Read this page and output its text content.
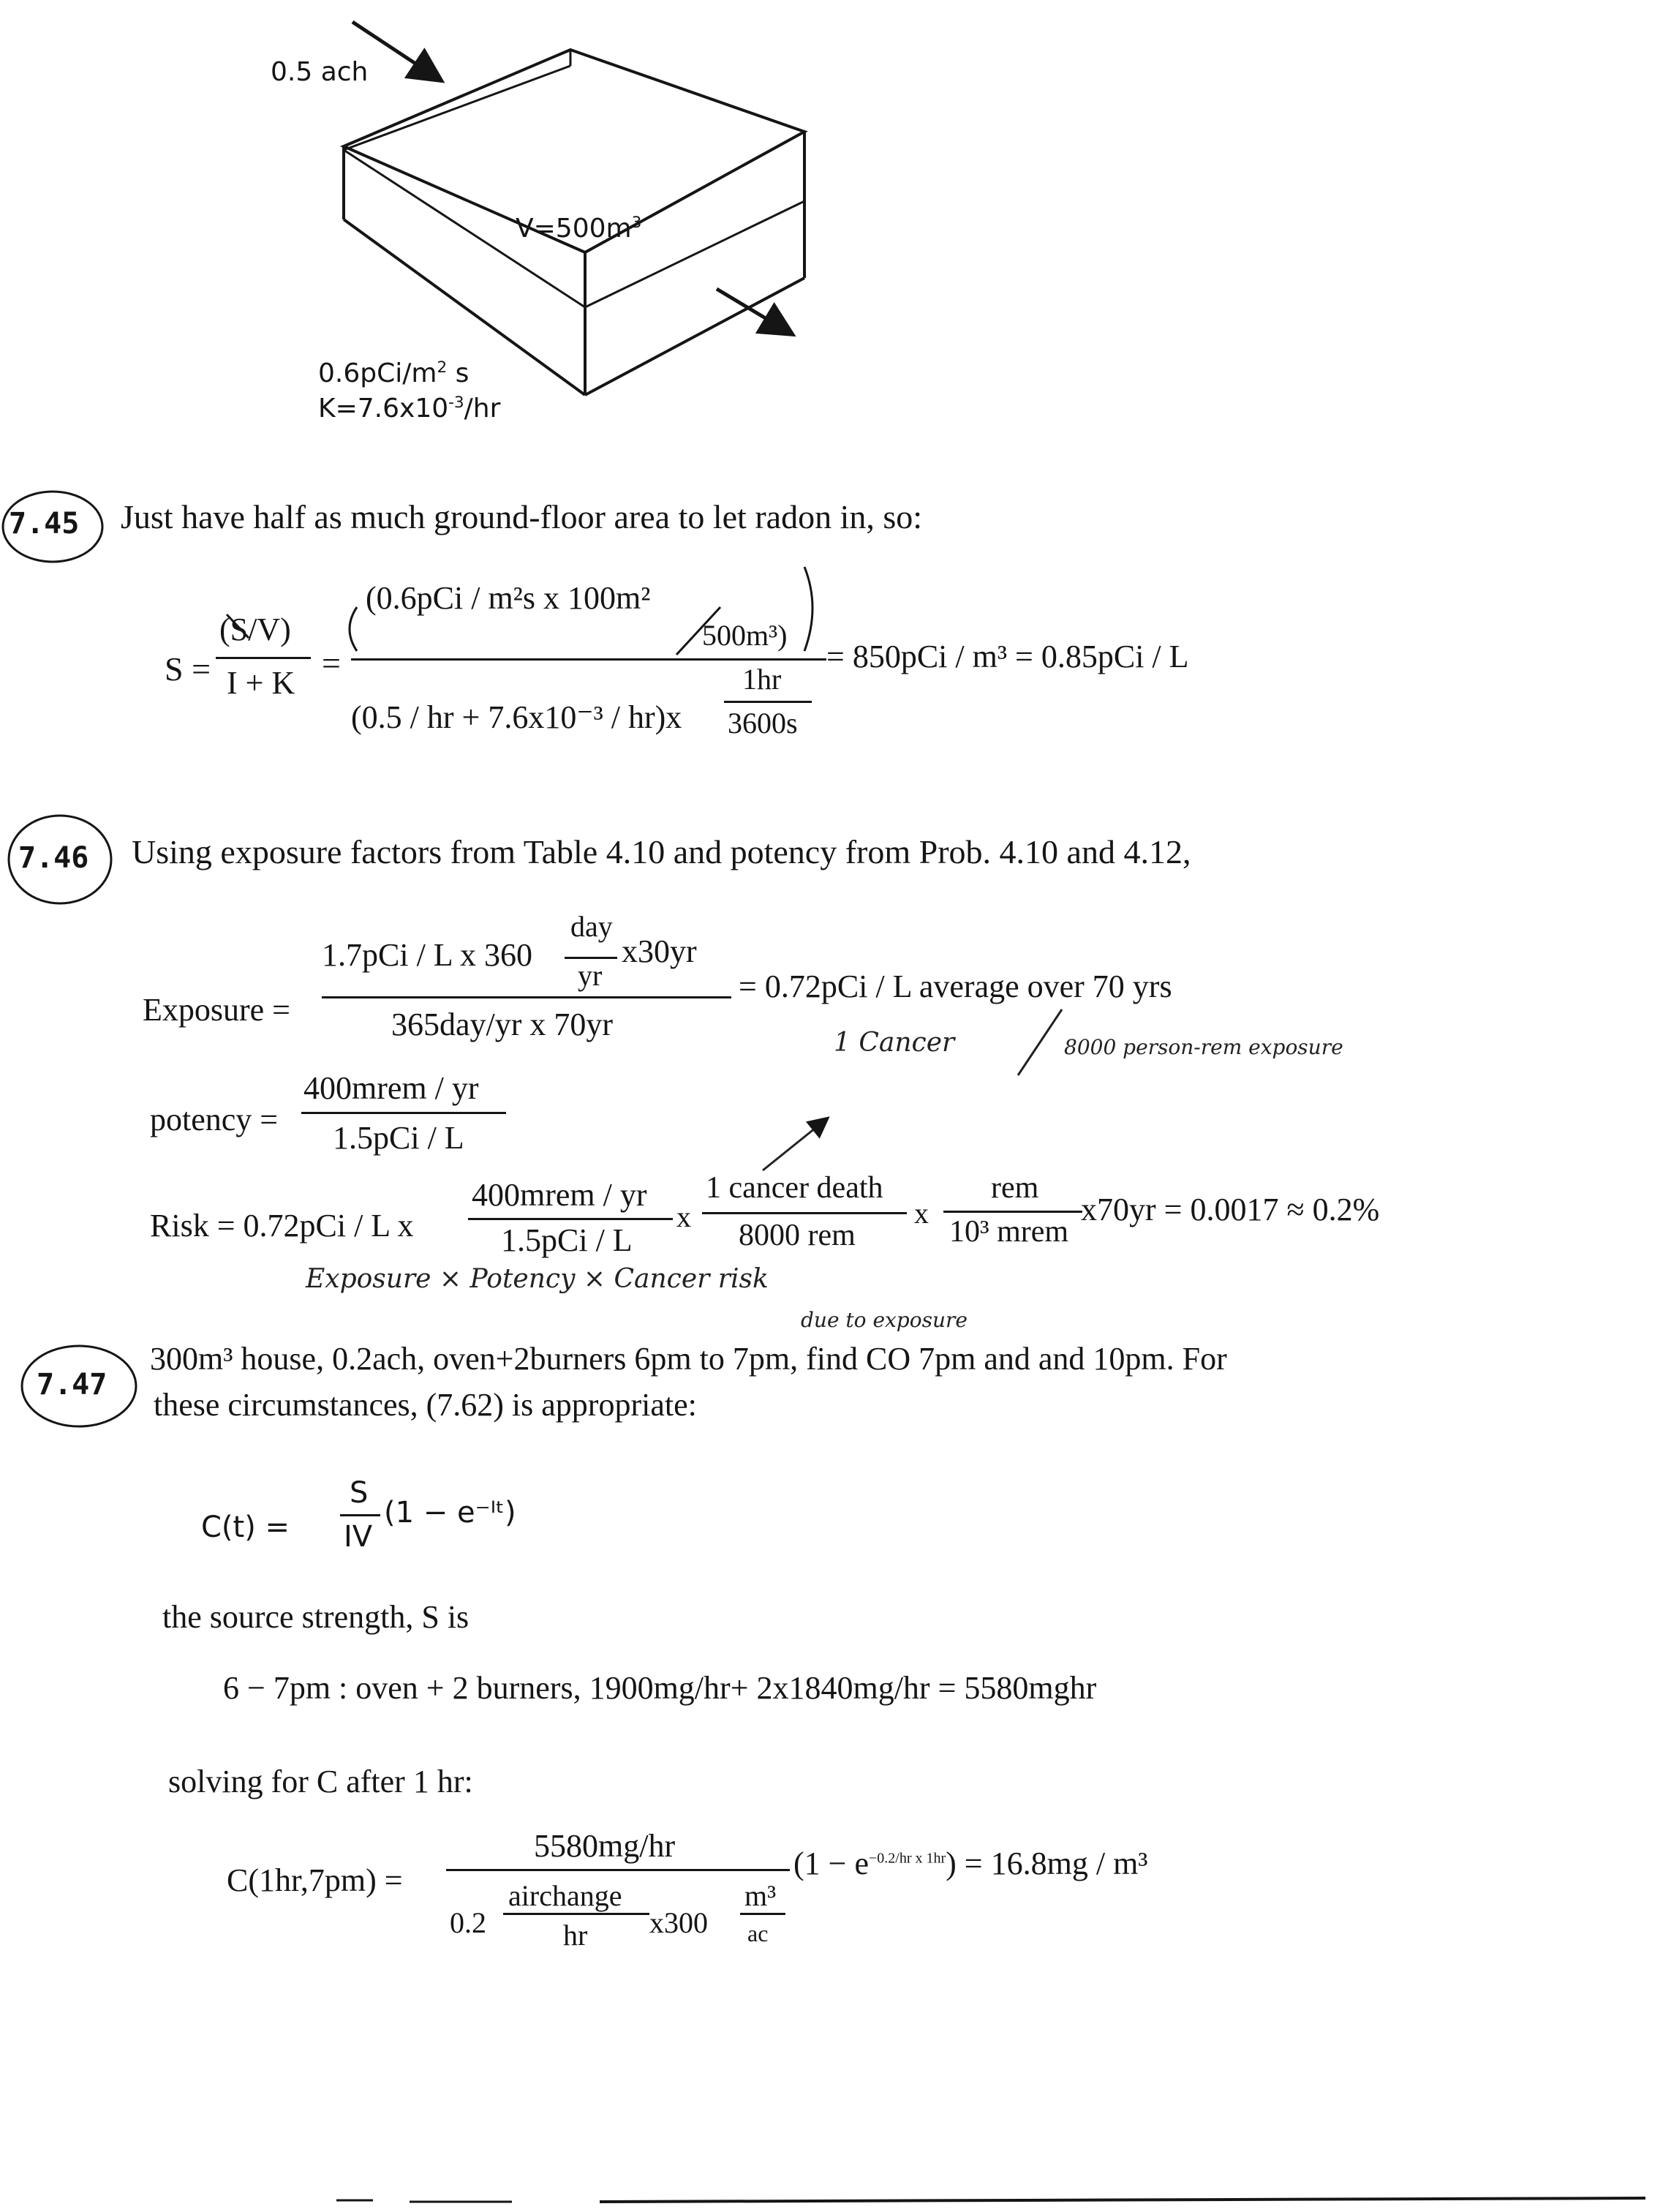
0.5 ach
$V=500m^3$
$0.6pCi/m^2$ s
$K=7.6x10^{-3}/hr$
7.45 Just have half as much ground-floor area to let radon in, so:
S =
(S/V)
I + K
=
(0.6pCi / m²s x 100m²
500m³)
(0.5 / hr + 7.6x10⁻³ / hr)x
1hr
3600s
= 850pCi / m³ = 0.85pCi / L
7.46 Using exposure factors from Table 4.10 and potency from Prob. 4.10 and 4.12,
Exposure =
1.7pCi / L x 360
day
yr
x30yr
365day/yr x 70yr
= 0.72pCi / L average over 70 yrs
1 Cancer	8000 person-rem exposure
potency =
400mrem / yr
1.5pCi / L
Risk = 0.72pCi / L x
400mrem / yr
1.5pCi / L
x
1 cancer death
8000 rem
x
rem
10³ mrem
x70yr = 0.0017 ≈ 0.2%
Exposure × Potency × Cancer risk
due to exposure
7.47
300m³ house, 0.2ach, oven+2burners 6pm to 7pm, find CO 7pm and and 10pm. For
these circumstances, (7.62) is appropriate:
C(t) =
S
IV
(1 − e⁻ᴵᵗ)
the source strength, S is
6 − 7pm : oven + 2 burners, 1900mg/hr+ 2x1840mg/hr = 5580mghr
solving for C after 1 hr:
C(1hr,7pm) =
5580mg/hr
0.2
airchange
hr x300
m³
ac
$(1 - e^{-0.2/hr x 1hr}) = 16.8mg / m^3$
